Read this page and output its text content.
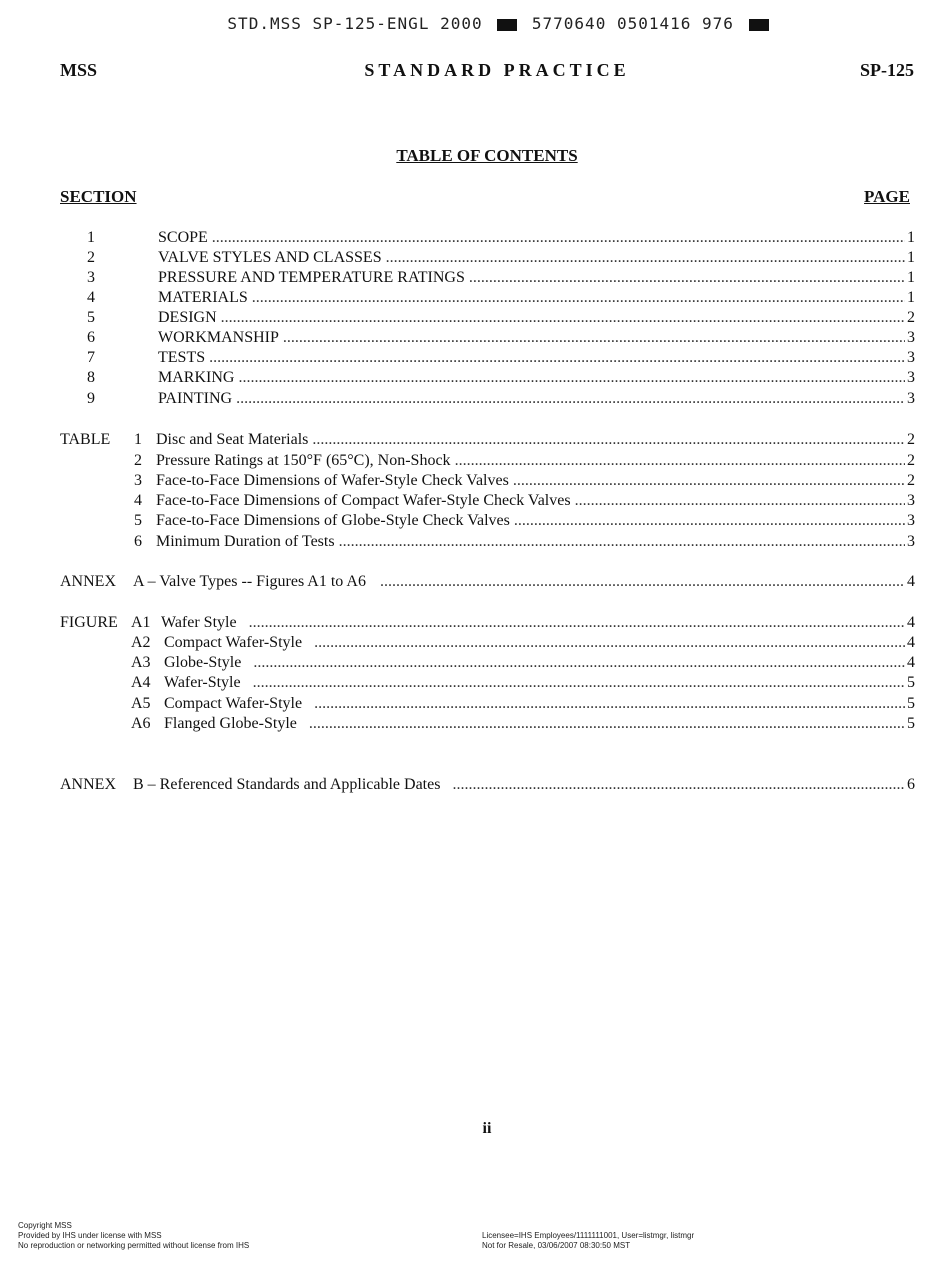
STD.MSS SP-125-ENGL 2000	5770640 0501416 976
MSS	STANDARD PRACTICE	SP-125
TABLE OF CONTENTS
SECTION	PAGE
1	SCOPE .....	1
2	VALVE STYLES AND CLASSES .....	1
3	PRESSURE AND TEMPERATURE RATINGS .....	1
4	MATERIALS .....	1
5	DESIGN .....	2
6	WORKMANSHIP .....	3
7	TESTS .....	3
8	MARKING .....	3
9	PAINTING .....	3
TABLE	1 Disc and Seat Materials .....	2
2 Pressure Ratings at 150°F (65°C), Non-Shock .....	2
3 Face-to-Face Dimensions of Wafer-Style Check Valves .....	2
4 Face-to-Face Dimensions of Compact Wafer-Style Check Valves .....	3
5 Face-to-Face Dimensions of Globe-Style Check Valves .....	3
6 Minimum Duration of Tests .....	3
ANNEX	A – Valve Types -- Figures A1 to A6 .....	4
FIGURE A1 Wafer Style .....	4
A2 Compact Wafer-Style .....	4
A3 Globe-Style .....	4
A4 Wafer-Style .....	5
A5 Compact Wafer-Style .....	5
A6 Flanged Globe-Style .....	5
ANNEX	B – Referenced Standards and Applicable Dates .....	6
ii
Copyright MSS
Provided by IHS under license with MSS
No reproduction or networking permitted without license from IHS
Licensee=IHS Employees/1111111001, User=listmgr, listmgr
Not for Resale, 03/06/2007 08:30:50 MST
